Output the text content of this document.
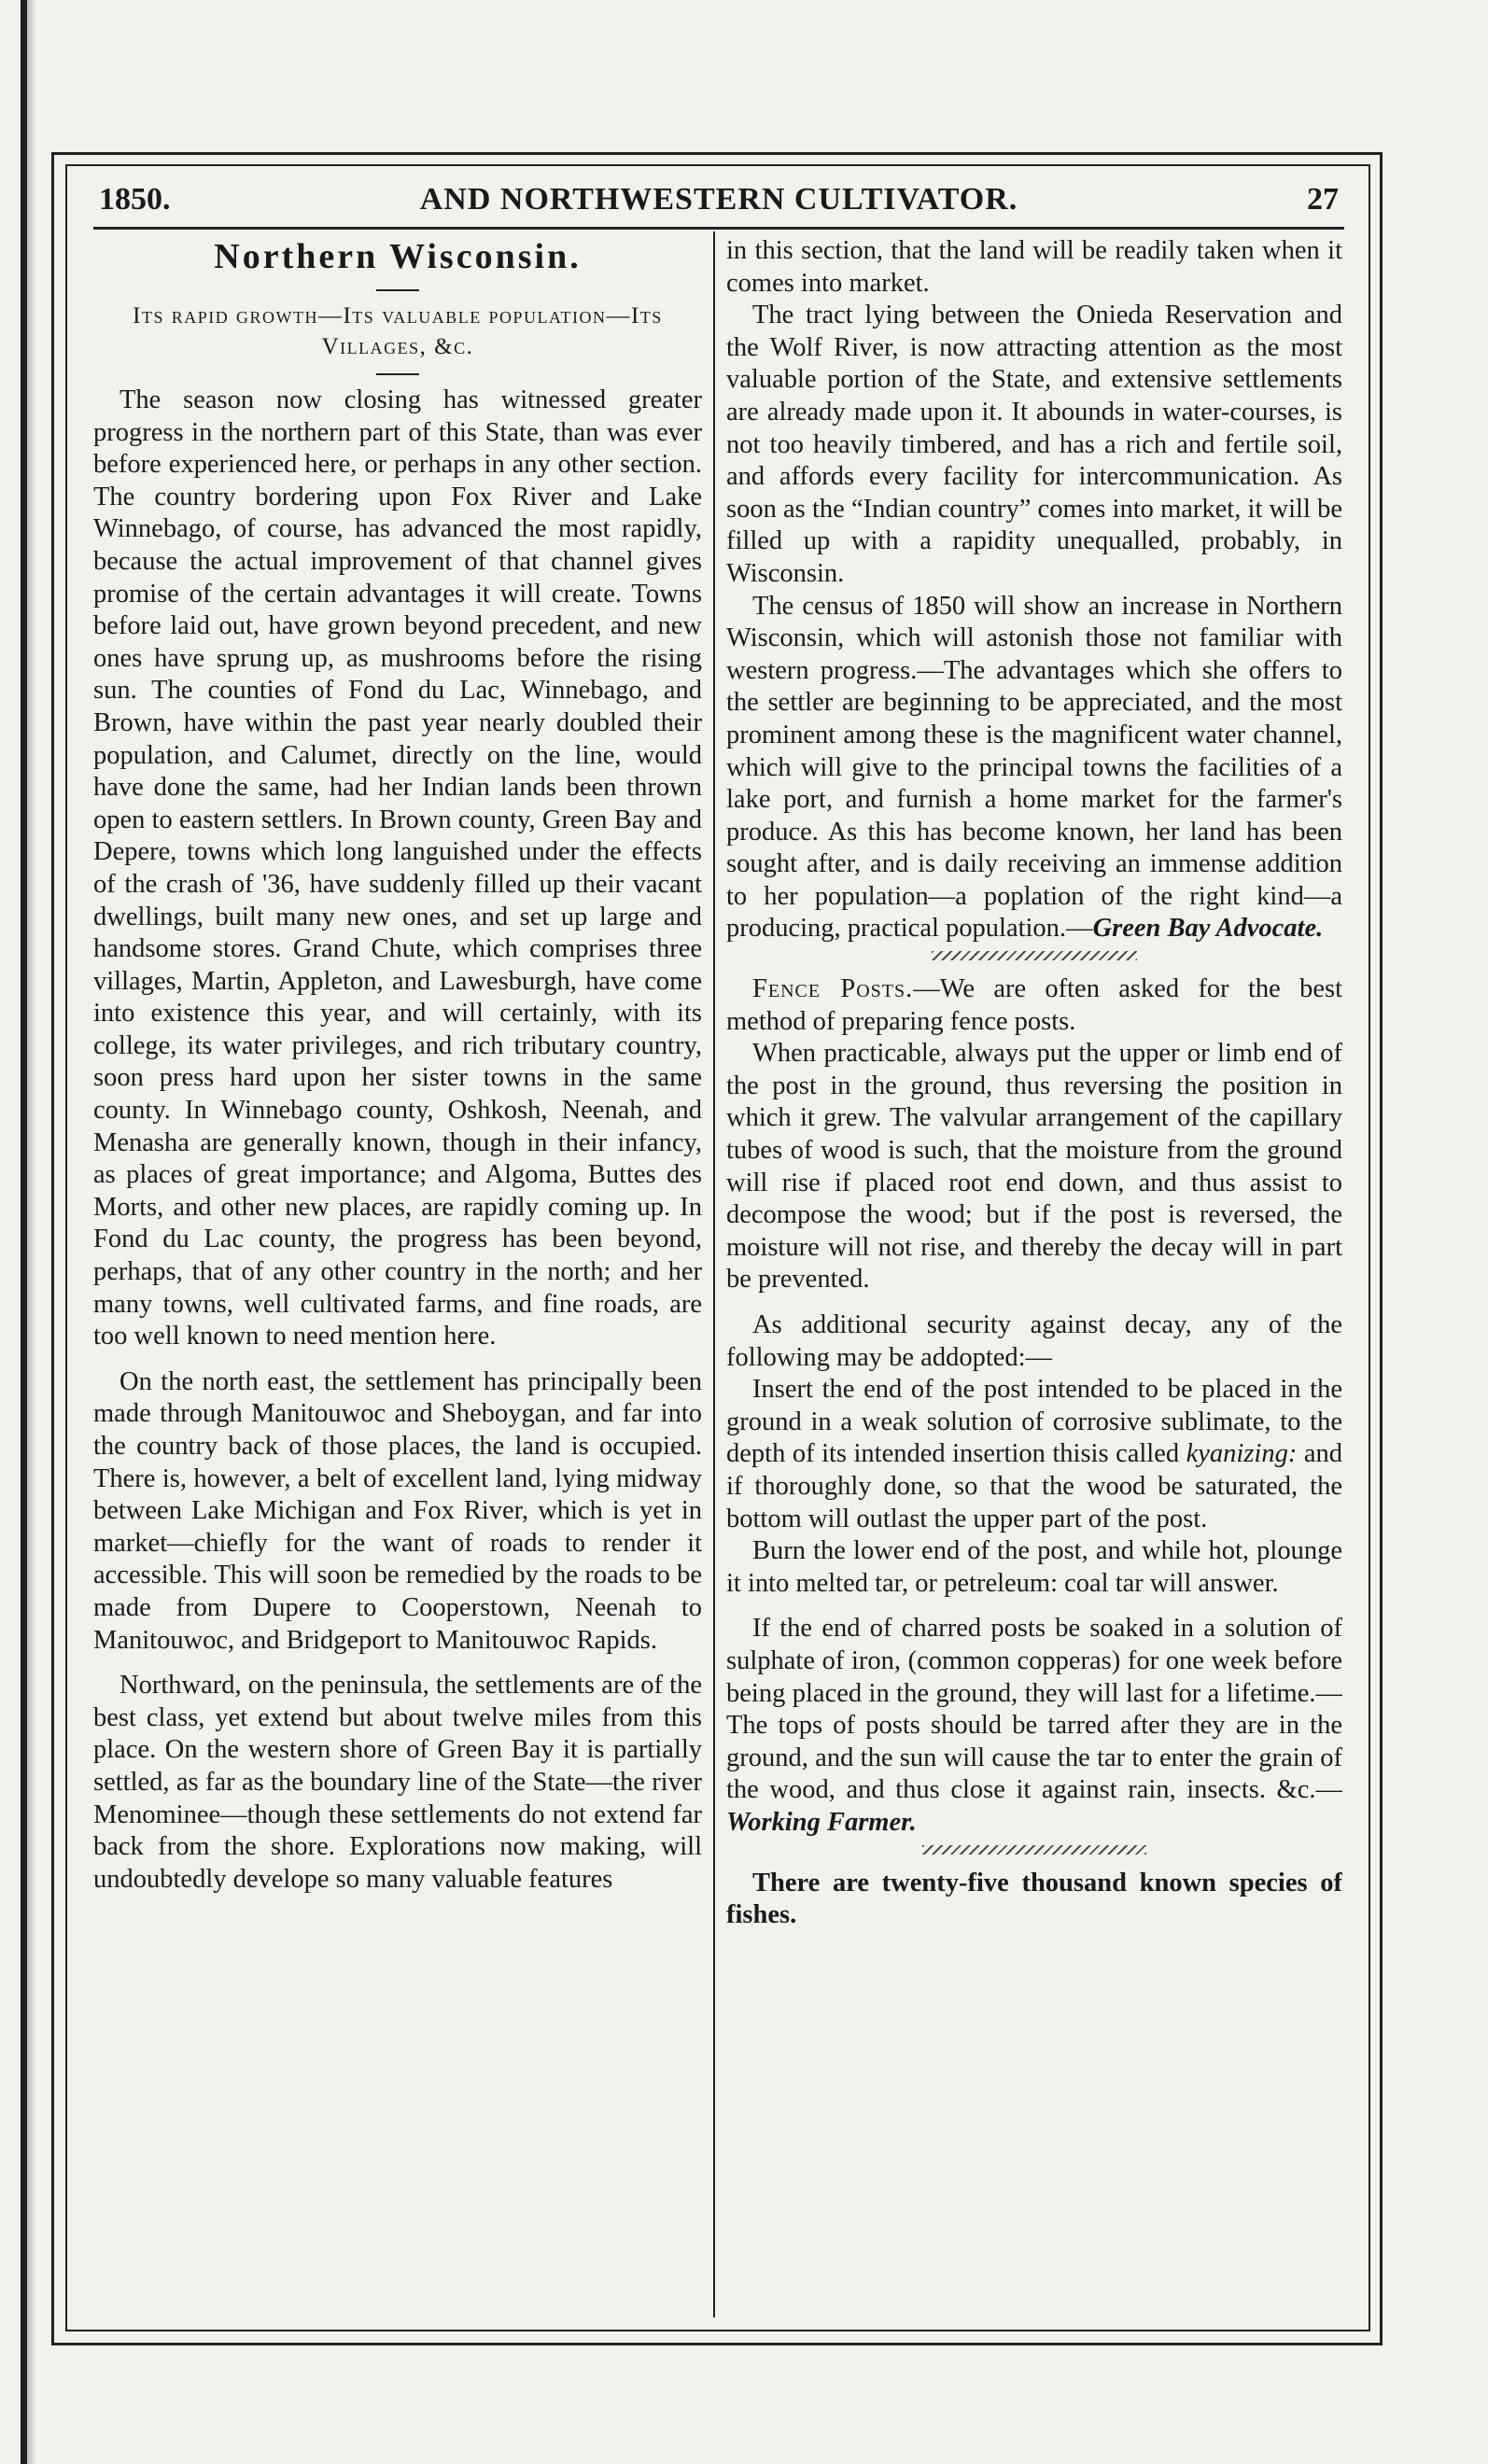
1850.	AND NORTHWESTERN CULTIVATOR.	27
Northern Wisconsin.
Its rapid growth—Its valuable population—Its Villages, &c.

The season now closing has witnessed greater progress in the northern part of this State, than was ever before experienced here, or perhaps in any other section. The country bordering upon Fox River and Lake Winnebago, of course, has advanced the most rapidly, because the actual improvement of that channel gives promise of the certain advantages it will create. Towns before laid out, have grown beyond precedent, and new ones have sprung up, as mushrooms before the rising sun. The counties of Fond du Lac, Winnebago, and Brown, have within the past year nearly doubled their population, and Calumet, directly on the line, would have done the same, had her Indian lands been thrown open to eastern settlers. In Brown county, Green Bay and Depere, towns which long languished under the effects of the crash of '36, have suddenly filled up their vacant dwellings, built many new ones, and set up large and handsome stores. Grand Chute, which comprises three villages, Martin, Appleton, and Lawesburgh, have come into existence this year, and will certainly, with its college, its water privileges, and rich tributary country, soon press hard upon her sister towns in the same county. In Winnebago county, Oshkosh, Neenah, and Menasha are generally known, though in their infancy, as places of great importance; and Algoma, Buttes des Morts, and other new places, are rapidly coming up. In Fond du Lac county, the progress has been beyond, perhaps, that of any other country in the north; and her many towns, well cultivated farms, and fine roads, are too well known to need mention here.

On the north east, the settlement has principally been made through Manitouwoc and Sheboygan, and far into the country back of those places, the land is occupied. There is, however, a belt of excellent land, lying midway between Lake Michigan and Fox River, which is yet in market—chiefly for the want of roads to render it accessible. This will soon be remedied by the roads to be made from Dupere to Cooperstown, Neenah to Manitouwoc, and Bridgeport to Manitouwoc Rapids.

Northward, on the peninsula, the settlements are of the best class, yet extend but about twelve miles from this place. On the western shore of Green Bay it is partially settled, as far as the boundary line of the State—the river Menominee—though these settlements do not extend far back from the shore. Explorations now making, will undoubtedly develope so many valuable features

in this section, that the land will be readily taken when it comes into market.

The tract lying between the Onieda Reservation and the Wolf River, is now attracting attention as the most valuable portion of the State, and extensive settlements are already made upon it. It abounds in water-courses, is not too heavily timbered, and has a rich and fertile soil, and affords every facility for intercommunication. As soon as the “Indian country” comes into market, it will be filled up with a rapidity unequalled, probably, in Wisconsin.

The census of 1850 will show an increase in Northern Wisconsin, which will astonish those not familiar with western progress.—The advantages which she offers to the settler are beginning to be appreciated, and the most prominent among these is the magnificent water channel, which will give to the principal towns the facilities of a lake port, and furnish a home market for the farmer's produce. As this has become known, her land has been sought after, and is daily receiving an immense addition to her population—a poplation of the right kind—a producing, practical population.—Green Bay Advocate.

Fence Posts.—We are often asked for the best method of preparing fence posts.

When practicable, always put the upper or limb end of the post in the ground, thus reversing the position in which it grew. The valvular arrangement of the capillary tubes of wood is such, that the moisture from the ground will rise if placed root end down, and thus assist to decompose the wood; but if the post is reversed, the moisture will not rise, and thereby the decay will in part be prevented.

As additional security against decay, any of the following may be addopted:—

Insert the end of the post intended to be placed in the ground in a weak solution of corrosive sublimate, to the depth of its intended insertion thisis called kyanizing: and if thoroughly done, so that the wood be saturated, the bottom will outlast the upper part of the post.

Burn the lower end of the post, and while hot, plounge it into melted tar, or petreleum: coal tar will answer.

If the end of charred posts be soaked in a solution of sulphate of iron, (common copperas) for one week before being placed in the ground, they will last for a lifetime.—The tops of posts should be tarred after they are in the ground, and the sun will cause the tar to enter the grain of the wood, and thus close it against rain, insects. &c.—Working Farmer.

There are twenty-five thousand known species of fishes.
